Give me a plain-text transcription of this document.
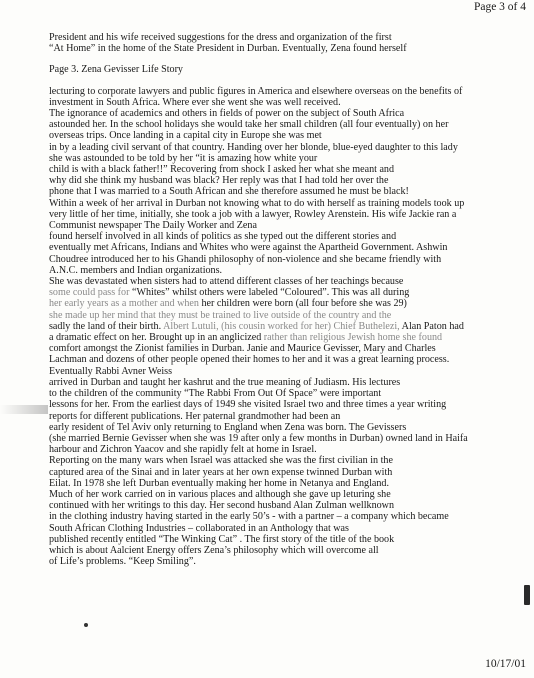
Page 3 of 4
President and his wife received suggestions for the dress and organization of the first
“At Home” in the home of the State President in Durban. Eventually, Zena found herself
Page 3. Zena Gevisser Life Story
lecturing to corporate lawyers and public figures in America and elsewhere overseas on the benefits of
investment in South Africa. Where ever she went she was well received.
The ignorance of academics and others in fields of power on the subject of South Africa
astounded her. In the school holidays she would take her small children (all four eventually) on her
overseas trips. Once landing in a capital city in Europe she was met
in by a leading civil servant of that country. Handing over her blonde, blue-eyed daughter to this lady
she was astounded to be told by her “it is amazing how white your
child is with a black father!!” Recovering from shock I asked her what she meant and
why did she think my husband was black? Her reply was that I had told her over the
phone that I was married to a South African and she therefore assumed he must be black!
Within a week of her arrival in Durban not knowing what to do with herself as training models took up
very little of her time, initially, she took a job with a lawyer, Rowley Arenstein. His wife Jackie ran a
Communist newspaper The Daily Worker and Zena
found herself involved in all kinds of politics as she typed out the different stories and
eventually met Africans, Indians and Whites who were against the Apartheid Government. Ashwin
Choudree introduced her to his Ghandi philosophy of non-violence and she became friendly with
A.N.C. members and Indian organizations.
She was devastated when sisters had to attend different classes of her teachings because
some could pass for “Whites” whilst others were labeled “Coloured”. This was all during
her early years as a mother and when her children were born (all four before she was 29)
she made up her mind that they must be trained to live outside of the country and the
sadly the land of their birth. Albert Lutuli, (his cousin worked for her) Chief Buthelezi, Alan Paton had
a dramatic effect on her. Brought up in an anglicized rather than religious Jewish home she found
comfort amongst the Zionist families in Durban. Janie and Maurice Gevisser, Mary and Charles
Lachman and dozens of other people opened their homes to her and it was a great learning process.
Eventually Rabbi Avner Weiss
arrived in Durban and taught her kashrut and the true meaning of Judiasm. His lectures
to the children of the community “The Rabbi From Out Of Space” were important
lessons for her. From the earliest days of 1949 she visited Israel two and three times a year writing
reports for different publications. Her paternal grandmother had been an
early resident of Tel Aviv only returning to England when Zena was born. The Gevissers
(she married Bernie Gevisser when she was 19 after only a few months in Durban) owned land in Haifa
harbour and Zichron Yaacov and she rapidly felt at home in Israel.
Reporting on the many wars when Israel was attacked she was the first civilian in the
captured area of the Sinai and in later years at her own expense twinned Durban with
Eilat. In 1978 she left Durban eventually making her home in Netanya and England.
Much of her work carried on in various places and although she gave up leturing she
continued with her writings to this day. Her second husband Alan Zulman wellknown
in the clothing industry having started in the early 50’s - with a partner – a company which became
South African Clothing Industries – collaborated in an Anthology that was
published recently entitled “The Winking Cat” . The first story of the title of the book
which is about Aalcient Energy offers Zena’s philosophy which will overcome all
of Life’s problems. “Keep Smiling”.
10/17/01
